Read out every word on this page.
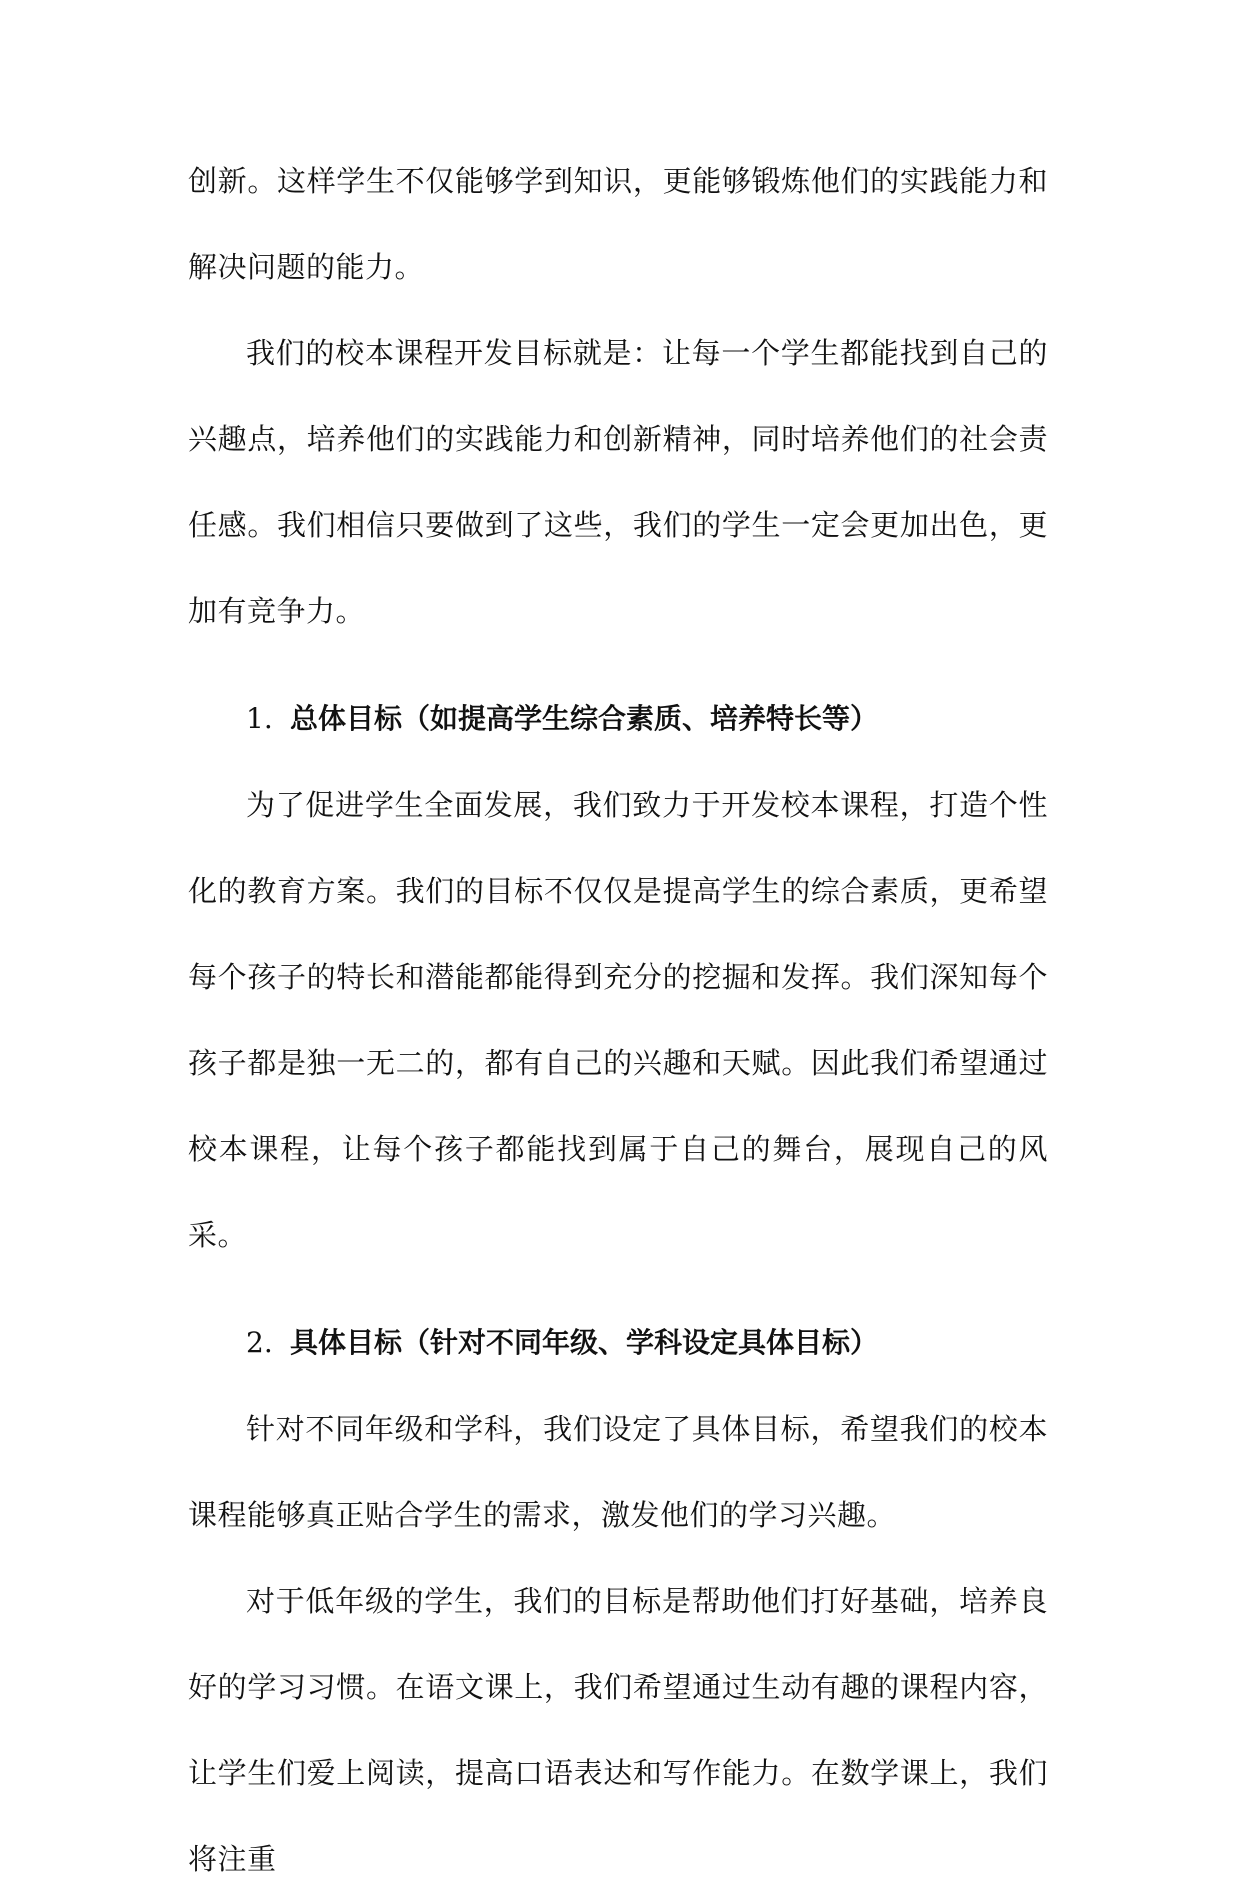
创新。这样学生不仅能够学到知识，更能够锻炼他们的实践能力和解决问题的能力。

我们的校本课程开发目标就是：让每一个学生都能找到自己的兴趣点，培养他们的实践能力和创新精神，同时培养他们的社会责任感。我们相信只要做到了这些，我们的学生一定会更加出色，更加有竞争力。

1. 总体目标（如提高学生综合素质、培养特长等）

为了促进学生全面发展，我们致力于开发校本课程，打造个性化的教育方案。我们的目标不仅仅是提高学生的综合素质，更希望每个孩子的特长和潜能都能得到充分的挖掘和发挥。我们深知每个孩子都是独一无二的，都有自己的兴趣和天赋。因此我们希望通过校本课程，让每个孩子都能找到属于自己的舞台，展现自己的风采。

2. 具体目标（针对不同年级、学科设定具体目标）

针对不同年级和学科，我们设定了具体目标，希望我们的校本课程能够真正贴合学生的需求，激发他们的学习兴趣。

对于低年级的学生，我们的目标是帮助他们打好基础，培养良好的学习习惯。在语文课上，我们希望通过生动有趣的课程内容，让学生们爱上阅读，提高口语表达和写作能力。在数学课上，我们将注重
